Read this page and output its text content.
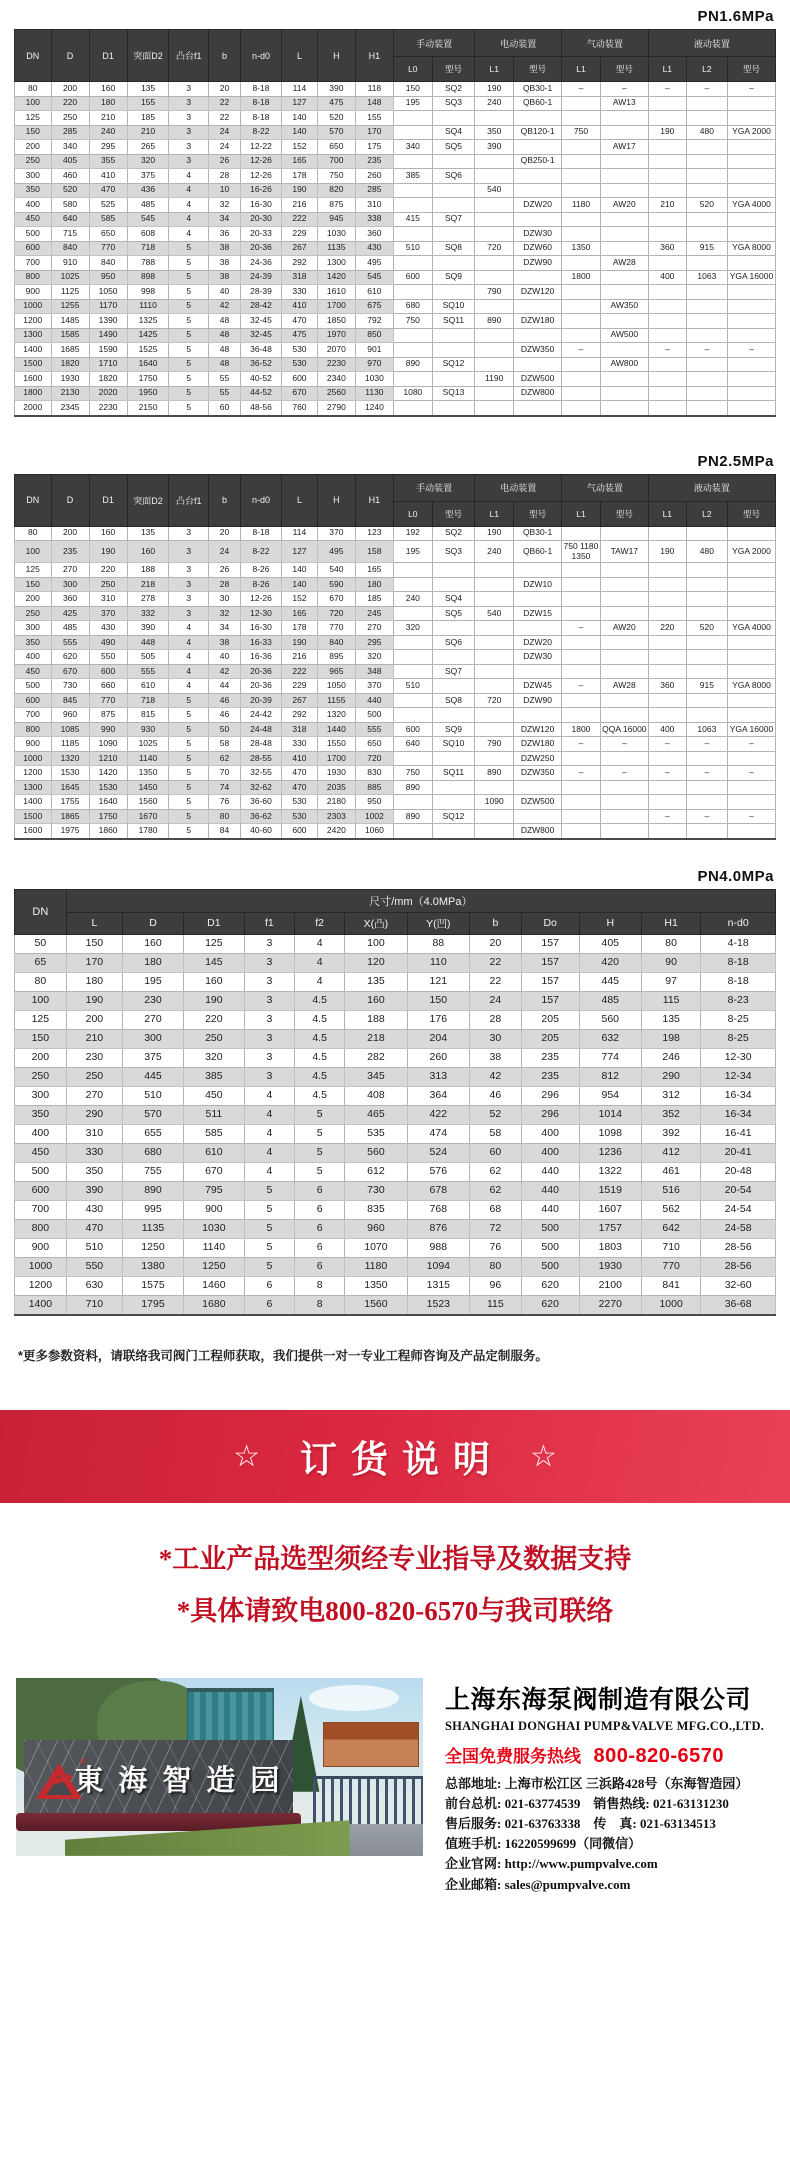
PN1.6MPa
DN	D	D1	突面D2	凸台f1	b	n-d0	L	H	H1	手动装置		电动装置		气动装置		液动装置		
										L0	型号	L1	型号	L1	型号	L1	L2	型号
80	200	160	135	3	20	8-18	114	390	118	150	SQ2	190	QB30-1	–	–	–	–	–
100	220	180	155	3	22	8-18	127	475	148	195	SQ3	240	QB60-1		AW13			
125	250	210	185	3	22	8-18	140	520	155									
150	285	240	210	3	24	8-22	140	570	170		SQ4	350	QB120-1	750		190	480	YGA 2000
200	340	295	265	3	24	12-22	152	650	175	340	SQ5	390			AW17			
250	405	355	320	3	26	12-26	165	700	235				QB250-1					
300	460	410	375	4	28	12-26	178	750	260	385	SQ6							
350	520	470	436	4	10	16-26	190	820	285			540						
400	580	525	485	4	32	16-30	216	875	310				DZW20	1180	AW20	210	520	YGA 4000
450	640	585	545	4	34	20-30	222	945	338	415	SQ7							
500	715	650	608	4	36	20-33	229	1030	360				DZW30					
600	840	770	718	5	38	20-36	267	1135	430	510	SQ8	720	DZW60	1350		360	915	YGA 8000
700	910	840	788	5	38	24-36	292	1300	495				DZW90		AW28			
800	1025	950	898	5	38	24-39	318	1420	545	600	SQ9			1800		400	1063	YGA 16000
900	1125	1050	998	5	40	28-39	330	1610	610			790	DZW120					
1000	1255	1170	1110	5	42	28-42	410	1700	675	680	SQ10				AW350			
1200	1485	1390	1325	5	48	32-45	470	1850	792	750	SQ11	890	DZW180					
1300	1585	1490	1425	5	48	32-45	475	1970	850						AW500			
1400	1685	1590	1525	5	48	36-48	530	2070	901				DZW350	–		–	–	–
1500	1820	1710	1640	5	48	36-52	530	2230	970	890	SQ12				AW800			
1600	1930	1820	1750	5	55	40-52	600	2340	1030			1190	DZW500					
1800	2130	2020	1950	5	55	44-52	670	2560	1130	1080	SQ13		DZW800					
2000	2345	2230	2150	5	60	48-56	760	2790	1240									
PN2.5MPa
DN	D	D1	突面D2	凸台f1	b	n-d0	L	H	H1	手动装置		电动装置		气动装置		液动装置		
										L0	型号	L1	型号	L1	型号	L1	L2	型号
80	200	160	135	3	20	8-18	114	370	123	192	SQ2	190	QB30-1					
100	235	190	160	3	24	8-22	127	495	158	195	SQ3	240	QB60-1	750 1180 1350	TAW17	190	480	YGA 2000
125	270	220	188	3	26	8-26	140	540	165									
150	300	250	218	3	28	8-26	140	590	180				DZW10					
200	360	310	278	3	30	12-26	152	670	185	240	SQ4							
250	425	370	332	3	32	12-30	165	720	245		SQ5	540	DZW15					
300	485	430	390	4	34	16-30	178	770	270	320				–	AW20	220	520	YGA 4000
350	555	490	448	4	38	16-33	190	840	295		SQ6		DZW20					
400	620	550	505	4	40	16-36	216	895	320				DZW30					
450	670	600	555	4	42	20-36	222	965	348		SQ7							
500	730	660	610	4	44	20-36	229	1050	370	510			DZW45	–	AW28	360	915	YGA 8000
600	845	770	718	5	46	20-39	267	1155	440		SQ8	720	DZW90					
700	960	875	815	5	46	24-42	292	1320	500									
800	1085	990	930	5	50	24-48	318	1440	555	600	SQ9		DZW120	1800	QQA 16000	400	1063	YGA 16000
900	1185	1090	1025	5	58	28-48	330	1550	650	640	SQ10	790	DZW180	–	–	–	–	–
1000	1320	1210	1140	5	62	28-55	410	1700	720				DZW250					
1200	1530	1420	1350	5	70	32-55	470	1930	830	750	SQ11	890	DZW350	–	–	–	–	–
1300	1645	1530	1450	5	74	32-62	470	2035	885	890								
1400	1755	1640	1560	5	76	36-60	530	2180	950			1090	DZW500					
1500	1865	1750	1670	5	80	36-62	530	2303	1002	890	SQ12					–	–	–
1600	1975	1860	1780	5	84	40-60	600	2420	1060				DZW800					
PN4.0MPa
DN	尺寸/mm（4.0MPa）											
	L	D	D1	f1	f2	X(凸)	Y(凹)	b	Do	H	H1	n-d0
50	150	160	125	3	4	100	88	20	157	405	80	4-18
65	170	180	145	3	4	120	110	22	157	420	90	8-18
80	180	195	160	3	4	135	121	22	157	445	97	8-18
100	190	230	190	3	4.5	160	150	24	157	485	115	8-23
125	200	270	220	3	4.5	188	176	28	205	560	135	8-25
150	210	300	250	3	4.5	218	204	30	205	632	198	8-25
200	230	375	320	3	4.5	282	260	38	235	774	246	12-30
250	250	445	385	3	4.5	345	313	42	235	812	290	12-34
300	270	510	450	4	4.5	408	364	46	296	954	312	16-34
350	290	570	511	4	5	465	422	52	296	1014	352	16-34
400	310	655	585	4	5	535	474	58	400	1098	392	16-41
450	330	680	610	4	5	560	524	60	400	1236	412	20-41
500	350	755	670	4	5	612	576	62	440	1322	461	20-48
600	390	890	795	5	6	730	678	62	440	1519	516	20-54
700	430	995	900	5	6	835	768	68	440	1607	562	24-54
800	470	1135	1030	5	6	960	876	72	500	1757	642	24-58
900	510	1250	1140	5	6	1070	988	76	500	1803	710	28-56
1000	550	1380	1250	5	6	1180	1094	80	500	1930	770	28-56
1200	630	1575	1460	6	8	1350	1315	96	620	2100	841	32-60
1400	710	1795	1680	6	8	1560	1523	115	620	2270	1000	36-68
*更多参数资料，请联络我司阀门工程师获取，我们提供一对一专业工程师咨询及产品定制服务。
☆	订货说明 ☆
*工业产品选型须经专业指导及数据支持
*具体请致电800-820-6570与我司联络
®
東海智造园
上海东海泵阀制造有限公司
SHANGHAI DONGHAI PUMP&VALVE MFG.CO.,LTD.
全国免费服务热线 800-820-6570
总部地址: 上海市松江区 三浜路428号（东海智造园）
前台总机: 021-63774539　销售热线: 021-63131230
售后服务: 021-63763338　传　真: 021-63134513
值班手机: 16220599699（同微信）
企业官网: http://www.pumpvalve.com
企业邮箱: sales@pumpvalve.com
